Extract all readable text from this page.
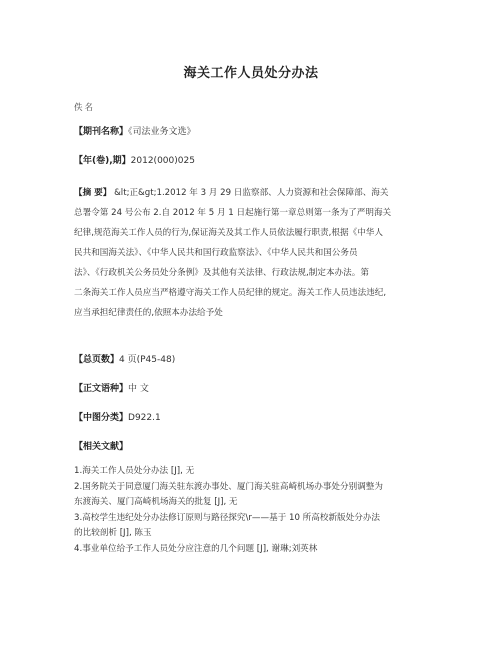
海关工作人员处分办法
佚名
【期刊名称】《司法业务文选》
【年(卷),期】2012(000)025
【摘 要】 &lt;正&gt;1.2012 年 3 月 29 日监察部、人力资源和社会保障部、海关
总署令第 24 号公布 2.自 2012 年 5 月 1 日起施行第一章总则第一条为了严明海关
纪律,规范海关工作人员的行为,保证海关及其工作人员依法履行职责,根据《中华人
民共和国海关法》、《中华人民共和国行政监察法》、《中华人民共和国公务员
法》、《行政机关公务员处分条例》及其他有关法律、行政法规,制定本办法。第
二条海关工作人员应当严格遵守海关工作人员纪律的规定。海关工作人员违法违纪,
应当承担纪律责任的,依照本办法给予处
【总页数】4 页(P45-48)
【正文语种】中 文
【中图分类】D922.1
【相关文献】
1.海关工作人员处分办法 [J], 无
2.国务院关于同意厦门海关驻东渡办事处、厦门海关驻高崎机场办事处分别调整为
东渡海关、厦门高崎机场海关的批复 [J], 无
3.高校学生违纪处分办法修订原则与路径探究\r——基于 10 所高校新版处分办法
的比较剖析 [J], 陈玉
4.事业单位给予工作人员处分应注意的几个问题 [J], 谢琳;刘英林
